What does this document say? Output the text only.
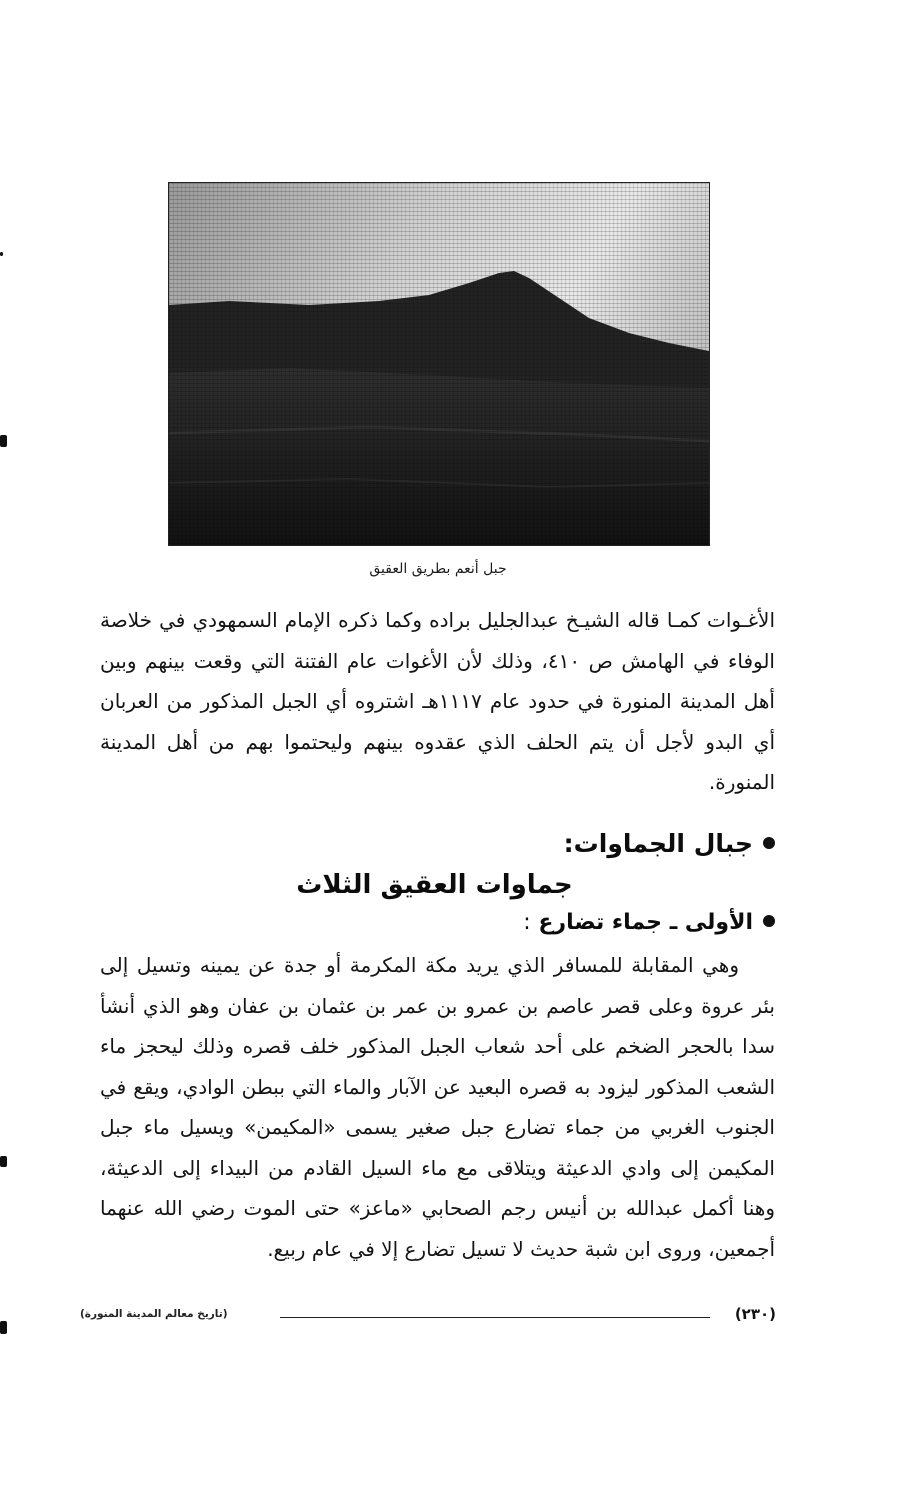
جبل أنعم بطريق العقيق

الأغـوات كمـا قاله الشيـخ عبدالجليل براده وكما ذكره الإمام السمهودي في خلاصة الوفاء في الهامش ص ٤١٠، وذلك لأن الأغوات عام الفتنة التي وقعت بينهم وبين أهل المدينة المنورة في حدود عام ١١١٧هـ اشتروه أي الجبل المذكور من العربان أي البدو لأجل أن يتم الحلف الذي عقدوه بينهم وليحتموا بهم من أهل المدينة المنورة.

جبال الجماوات:
جماوات العقيق الثلاث
الأولى ـ جماء تضارع :

وهي المقابلة للمسافر الذي يريد مكة المكرمة أو جدة عن يمينه وتسيل إلى بئر عروة وعلى قصر عاصم بن عمرو بن عمر بن عثمان بن عفان وهو الذي أنشأ سدا بالحجر الضخم على أحد شعاب الجبل المذكور خلف قصره وذلك ليحجز ماء الشعب المذكور ليزود به قصره البعيد عن الآبار والماء التي ببطن الوادي، ويقع في الجنوب الغربي من جماء تضارع جبل صغير يسمى «المكيمن» ويسيل ماء جبل المكيمن إلى وادي الدعيثة ويتلاقى مع ماء السيل القادم من البيداء إلى الدعيثة، وهنا أكمل عبدالله بن أنيس رجم الصحابي «ماعز» حتى الموت رضي الله عنهما أجمعين، وروى ابن شبة حديث لا تسيل تضارع إلا في عام ربيع.

(٢٣٠)
(تاريخ معالم المدينة المنورة)
